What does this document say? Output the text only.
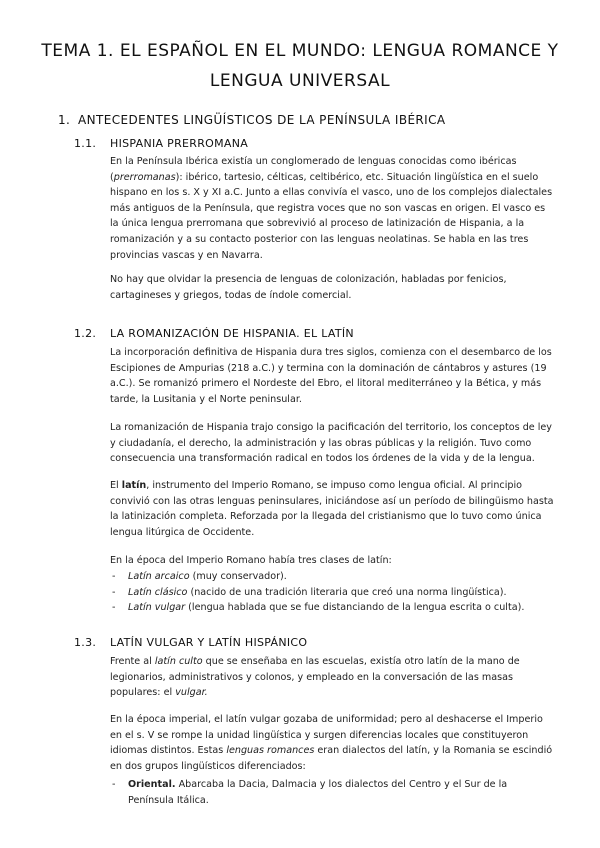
TEMA 1. EL ESPAÑOL EN EL MUNDO: LENGUA ROMANCE Y LENGUA UNIVERSAL
1. ANTECEDENTES LINGÜÍSTICOS DE LA PENÍNSULA IBÉRICA
1.1. HISPANIA PRERROMANA

En la Península Ibérica existía un conglomerado de lenguas conocidas como ibéricas (prerromanas): ibérico, tartesio, célticas, celtibérico, etc. Situación lingüística en el suelo hispano en los s. X y XI a.C. Junto a ellas convivía el vasco, uno de los complejos dialectales más antiguos de la Península, que registra voces que no son vascas en origen. El vasco es la única lengua prerromana que sobrevivió al proceso de latinización de Hispania, a la romanización y a su contacto posterior con las lenguas neolatinas. Se habla en las tres provincias vascas y en Navarra.

No hay que olvidar la presencia de lenguas de colonización, habladas por fenicios, cartagineses y griegos, todas de índole comercial.

1.2. LA ROMANIZACIÓN DE HISPANIA. EL LATÍN

La incorporación definitiva de Hispania dura tres siglos, comienza con el desembarco de los Escipiones de Ampurias (218 a.C.) y termina con la dominación de cántabros y astures (19 a.C.). Se romanizó primero el Nordeste del Ebro, el litoral mediterráneo y la Bética, y más tarde, la Lusitania y el Norte peninsular.

La romanización de Hispania trajo consigo la pacificación del territorio, los conceptos de ley y ciudadanía, el derecho, la administración y las obras públicas y la religión. Tuvo como consecuencia una transformación radical en todos los órdenes de la vida y de la lengua.

El latín, instrumento del Imperio Romano, se impuso como lengua oficial. Al principio convivió con las otras lenguas peninsulares, iniciándose así un período de bilingüismo hasta la latinización completa. Reforzada por la llegada del cristianismo que lo tuvo como única lengua litúrgica de Occidente.

En la época del Imperio Romano había tres clases de latín:

- Latín arcaico (muy conservador).
- Latín clásico (nacido de una tradición literaria que creó una norma lingüística).
- Latín vulgar (lengua hablada que se fue distanciando de la lengua escrita o culta).
1.3. LATÍN VULGAR Y LATÍN HISPÁNICO

Frente al latín culto que se enseñaba en las escuelas, existía otro latín de la mano de legionarios, administrativos y colonos, y empleado en la conversación de las masas populares: el vulgar.

En la época imperial, el latín vulgar gozaba de uniformidad; pero al deshacerse el Imperio en el s. V se rompe la unidad lingüística y surgen diferencias locales que constituyeron idiomas distintos. Estas lenguas romances eran dialectos del latín, y la Romania se escindió en dos grupos lingüísticos diferenciados:

- Oriental. Abarcaba la Dacia, Dalmacia y los dialectos del Centro y el Sur de la Península Itálica.
